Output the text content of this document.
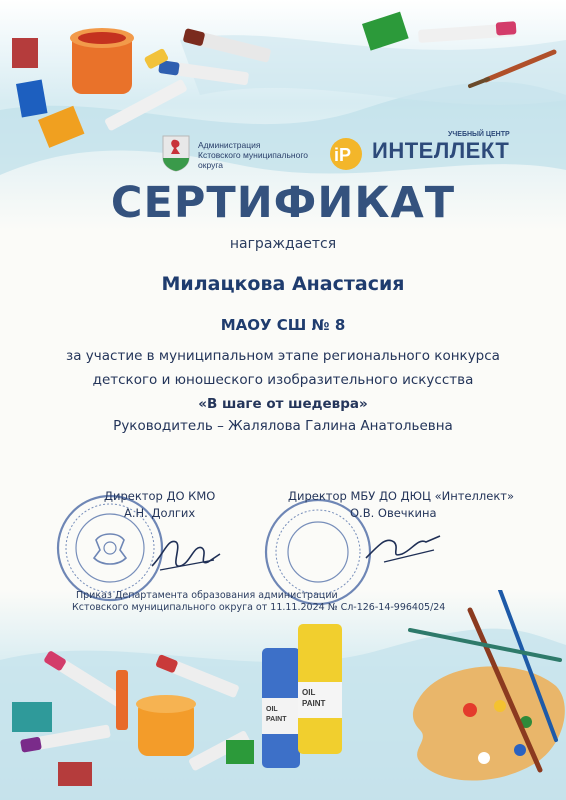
OIL
PAINT
OIL
PAINT
Администрация
Кстовского муниципального
округа	iP
УЧЕБНЫЙ ЦЕНТР
ИНТЕЛЛЕКТ
СЕРТИФИКАТ
награждается
Милацкова Анастасия
МАОУ СШ № 8
за участие в муниципальном этапе регионального конкурса
детского и юношеского изобразительного искусства
«В шаге от шедевра»
Руководитель – Жалялова Галина Анатольевна
Директор ДО КМО
А.Н. Долгих
Директор МБУ ДО ДЮЦ «Интеллект»
О.В. Овечкина
Приказ Департамента образования администрации
Кстовского муниципального округа от 11.11.2024 № Сл-126-14-996405/24
